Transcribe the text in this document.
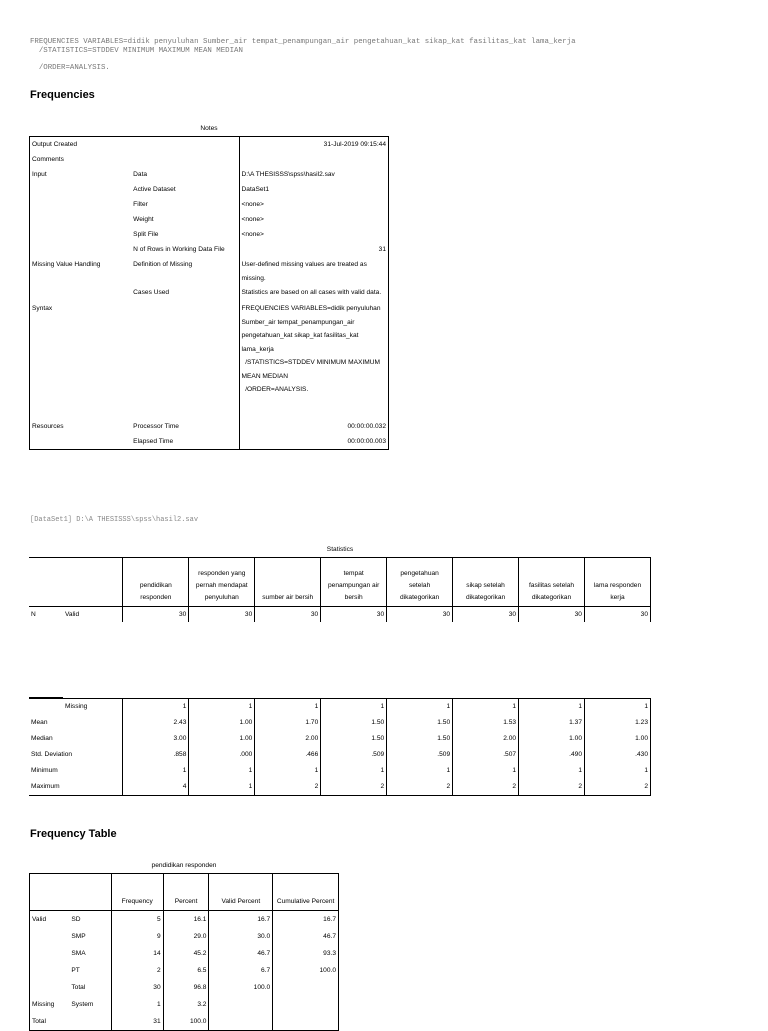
FREQUENCIES VARIABLES=didik penyuluhan Sumber_air tempat_penampungan_air pengetahuan_kat sikap_kat fasilitas_kat lama_kerja
/STATISTICS=STDDEV MINIMUM MAXIMUM MEAN MEDIAN

/ORDER=ANALYSIS.
Frequencies
Notes
Output Created		31-Jul-2019 09:15:44
Comments		
Input	Data	D:\A THESISSS\spss\hasil2.sav
	Active Dataset	DataSet1
	Filter	<none>
	Weight	<none>
	Split File	<none>
	N of Rows in Working Data File	31
Missing Value Handling	Definition of Missing	User-defined missing values are treated as missing.
	Cases Used	Statistics are based on all cases with valid data.
Syntax		FREQUENCIES VARIABLES=didik penyuluhan Sumber_air tempat_penampungan_air pengetahuan_kat sikap_kat fasilitas_kat lama_kerja
/STATISTICS=STDDEV MINIMUM MAXIMUM MEAN MEDIAN
/ORDER=ANALYSIS.
Resources	Processor Time	00:00:00.032
	Elapsed Time	00:00:00.003
[DataSet1] D:\A THESISSS\spss\hasil2.sav
Statistics
		pendidikan responden	responden yang pernah mendapat penyuluhan	sumber air bersih	tempat penampungan air bersih	pengetahuan setelah dikategorikan	sikap setelah dikategorikan	fasilitas setelah dikategorikan	lama responden kerja
N	Valid	30	30	30	30	30	30	30	30
	Missing	1	1	1	1	1	1	1	1
Mean		2.43	1.00	1.70	1.50	1.50	1.53	1.37	1.23
Median		3.00	1.00	2.00	1.50	1.50	2.00	1.00	1.00
Std. Deviation		.858	.000	.466	.509	.509	.507	.490	.430
Minimum		1	1	1	1	1	1	1	1
Maximum		4	1	2	2	2	2	2	2
Frequency Table
pendidikan responden
		Frequency	Percent	Valid Percent	Cumulative Percent
Valid	SD	5	16.1	16.7	16.7
	SMP	9	29.0	30.0	46.7
	SMA	14	45.2	46.7	93.3
	PT	2	6.5	6.7	100.0
	Total	30	96.8	100.0	
Missing	System	1	3.2		
Total		31	100.0		
